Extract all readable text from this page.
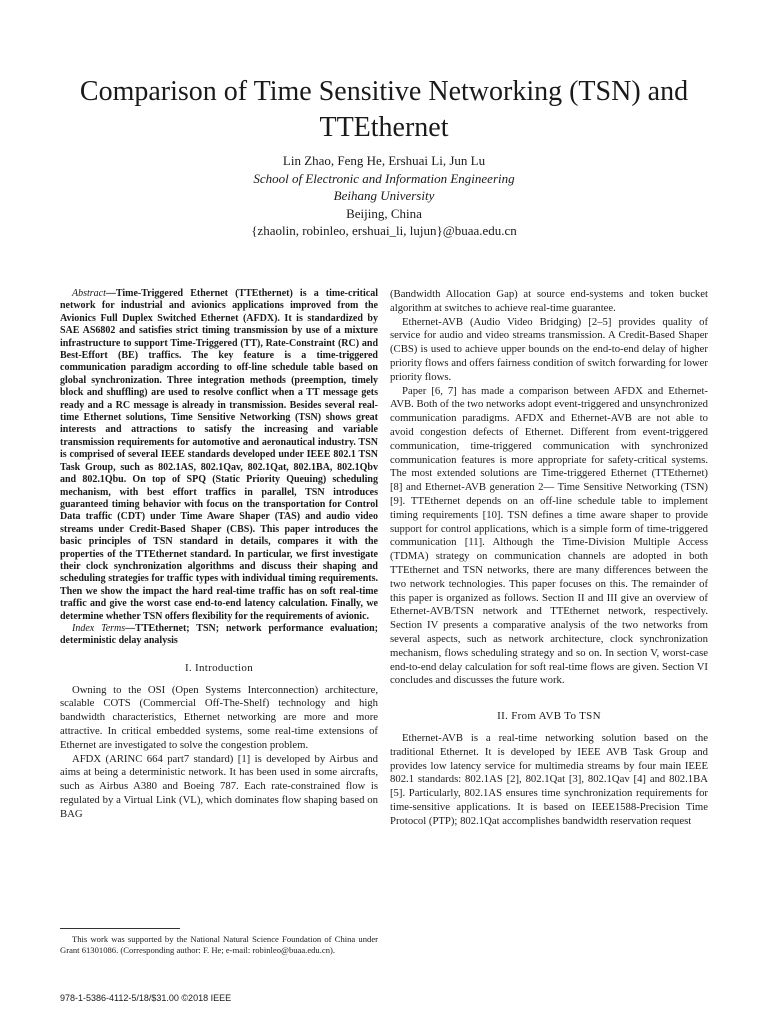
Comparison of Time Sensitive Networking (TSN) and TTEthernet
Lin Zhao, Feng He, Ershuai Li, Jun Lu
School of Electronic and Information Engineering
Beihang University
Beijing, China
{zhaolin, robinleo, ershuai_li, lujun}@buaa.edu.cn

Abstract—Time-Triggered Ethernet (TTEthernet) is a time-critical network for industrial and avionics applications improved from the Avionics Full Duplex Switched Ethernet (AFDX). It is standardized by SAE AS6802 and satisfies strict timing transmission by use of a mixture infrastructure to support Time-Triggered (TT), Rate-Constraint (RC) and Best-Effort (BE) traffics. The key feature is a time-triggered communication paradigm according to off-line schedule table based on global synchronization. Three integration methods (preemption, timely block and shuffling) are used to resolve conflict when a TT message gets ready and a RC message is already in transmission. Besides several real-time Ethernet solutions, Time Sensitive Networking (TSN) shows great interests and attractions to satisfy the increasing and variable transmission requirements for automotive and aeronautical industry. TSN is comprised of several IEEE standards developed under IEEE 802.1 TSN Task Group, such as 802.1AS, 802.1Qav, 802.1Qat, 802.1BA, 802.1Qbv and 802.1Qbu. On top of SPQ (Static Priority Queuing) scheduling mechanism, with best effort traffics in parallel, TSN introduces guaranteed timing behavior with focus on the transportation for Control Data traffic (CDT) under Time Aware Shaper (TAS) and audio video streams under Credit-Based Shaper (CBS). This paper introduces the basic principles of TSN standard in details, compares it with the properties of the TTEthernet standard. In particular, we first investigate their clock synchronization algorithms and discuss their shaping and scheduling strategies for traffic types with individual timing requirements. Then we show the impact the hard real-time traffic has on soft real-time traffic and give the worst case end-to-end latency calculation. Finally, we determine whether TSN offers flexibility for the requirements of avionic.

Index Terms—TTEthernet; TSN; network performance evaluation; deterministic delay analysis

I. Introduction

Owning to the OSI (Open Systems Interconnection) architecture, scalable COTS (Commercial Off-The-Shelf) technology and high bandwidth characteristics, Ethernet networking are more and more attractive. In critical embedded systems, some real-time extensions of Ethernet are investigated to solve the congestion problem.

AFDX (ARINC 664 part7 standard) [1] is developed by Airbus and aims at being a deterministic network. It has been used in some aircrafts, such as Airbus A380 and Boeing 787. Each rate-constrained flow is regulated by a Virtual Link (VL), which dominates flow shaping based on BAG

This work was supported by the National Natural Science Foundation of China under Grant 61301086. (Corresponding author: F. He; e-mail: robinleo@buaa.edu.cn).

(Bandwidth Allocation Gap) at source end-systems and token bucket algorithm at switches to achieve real-time guarantee.

Ethernet-AVB (Audio Video Bridging) [2–5] provides quality of service for audio and video streams transmission. A Credit-Based Shaper (CBS) is used to achieve upper bounds on the end-to-end delay of higher priority flows and offers fairness condition of switch forwarding for lower priority flows.

Paper [6, 7] has made a comparison between AFDX and Ethernet-AVB. Both of the two networks adopt event-triggered and unsynchronized communication paradigms. AFDX and Ethernet-AVB are not able to avoid congestion defects of Ethernet. Different from event-triggered communication, time-triggered communication with synchronized communication features is more appropriate for safety-critical systems. The most extended solutions are Time-triggered Ethernet (TTEthernet) [8] and Ethernet-AVB generation 2— Time Sensitive Networking (TSN) [9]. TTEthernet depends on an off-line schedule table to implement timing requirements [10]. TSN defines a time aware shaper to provide support for control applications, which is a simple form of time-triggered communication [11]. Although the Time-Division Multiple Access (TDMA) strategy on communication channels are adopted in both TTEthernet and TSN networks, there are many differences between the two network technologies. This paper focuses on this. The remainder of this paper is organized as follows. Section II and III give an overview of Ethernet-AVB/TSN network and TTEthernet network, respectively. Section IV presents a comparative analysis of the two networks from several aspects, such as network architecture, clock synchronization mechanism, flows scheduling strategy and so on. In section V, worst-case end-to-end delay calculation for soft real-time flows are given. Section VI concludes and discusses the future work.

II. From AVB To TSN

Ethernet-AVB is a real-time networking solution based on the traditional Ethernet. It is developed by IEEE AVB Task Group and provides low latency service for multimedia streams by four main IEEE 802.1 standards: 802.1AS [2], 802.1Qat [3], 802.1Qav [4] and 802.1BA [5]. Particularly, 802.1AS ensures time synchronization requirements for time-sensitive applications. It is based on IEEE1588-Precision Time Protocol (PTP); 802.1Qat accomplishes bandwidth reservation request

978-1-5386-4112-5/18/$31.00 ©2018 IEEE
